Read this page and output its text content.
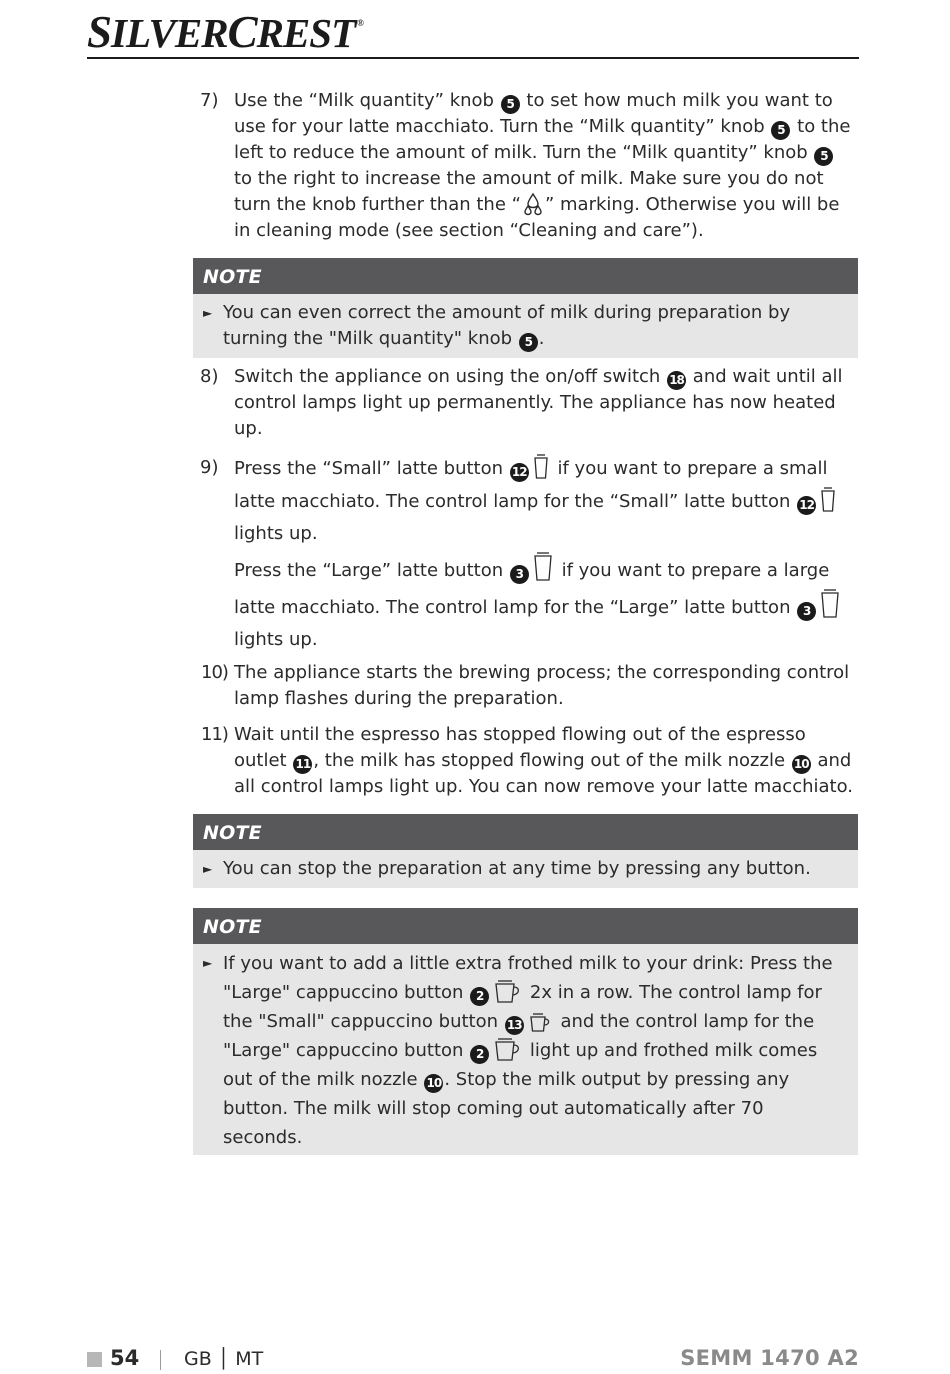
SILVERCREST ®
7) Use the “Milk quantity” knob 5 to set how much milk you want to use for your latte macchiato. Turn the “Milk quantity” knob 5 to the left to reduce the amount of milk. Turn the “Milk quantity” knob 5 to the right to increase the amount of milk. Make sure you do not turn the knob further than the “ ” marking. Otherwise you will be in cleaning mode (see section “Cleaning and care”).

NOTE
► You can even correct the amount of milk during preparation by turning the "Milk quantity" knob 5 .

8) Switch the appliance on using the on/off switch 18 and wait until all control lamps light up permanently. The appliance has now heated up.

9) Press the “Small” latte button 12 if you want to prepare a small latte macchiato. The control lamp for the “Small” latte button 12 lights up.

Press the “Large” latte button 3 if you want to prepare a large latte macchiato. The control lamp for the “Large” latte button 3 lights up.

10) The appliance starts the brewing process; the corresponding control lamp flashes during the preparation.

11) Wait until the espresso has stopped flowing out of the espresso outlet 11 , the milk has stopped flowing out of the milk nozzle 10 and all control lamps light up. You can now remove your latte macchiato.

NOTE
► You can stop the preparation at any time by pressing any button.

NOTE
► If you want to add a little extra frothed milk to your drink: Press the "Large" cappuccino button 2 2x in a row. The control lamp for the "Small" cappuccino button 13 and the control lamp for the "Large" cappuccino button 2 light up and frothed milk comes out of the milk nozzle 10 . Stop the milk output by pressing any button. The milk will stop coming out automatically after 70 seconds.

54 GB │ MT	SEMM 1470 A2
